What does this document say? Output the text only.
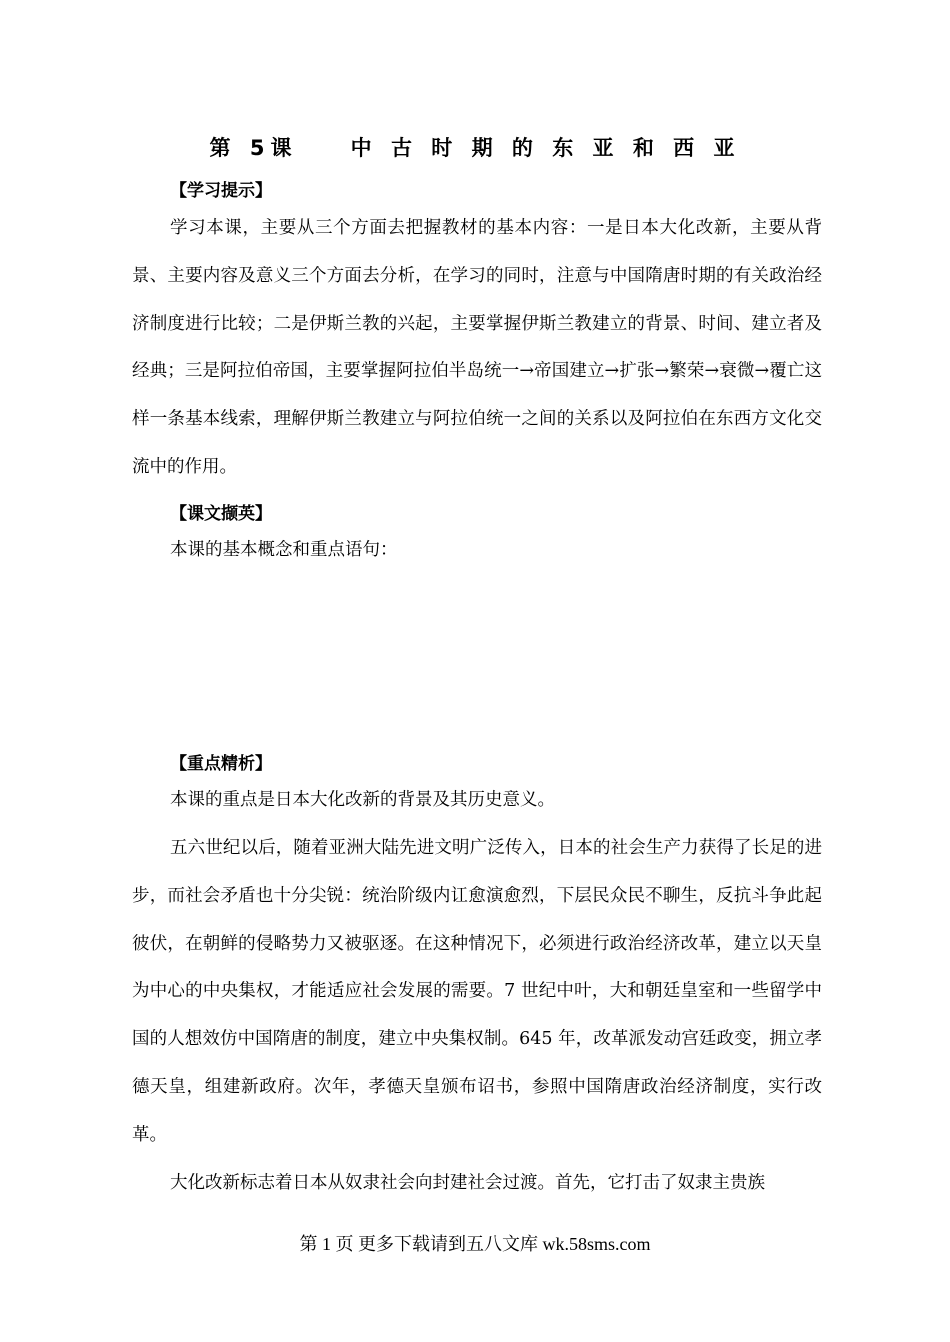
第 5课    中 古 时 期 的 东 亚 和 西 亚
【学习提示】

学习本课，主要从三个方面去把握教材的基本内容：一是日本大化改新，主要从背景、主要内容及意义三个方面去分析，在学习的同时，注意与中国隋唐时期的有关政治经济制度进行比较；二是伊斯兰教的兴起，主要掌握伊斯兰教建立的背景、时间、建立者及经典；三是阿拉伯帝国，主要掌握阿拉伯半岛统一→帝国建立→扩张→繁荣→衰微→覆亡这样一条基本线索，理解伊斯兰教建立与阿拉伯统一之间的关系以及阿拉伯在东西方文化交流中的作用。

【课文撷英】

本课的基本概念和重点语句：

【重点精析】

本课的重点是日本大化改新的背景及其历史意义。

五六世纪以后，随着亚洲大陆先进文明广泛传入，日本的社会生产力获得了长足的进步，而社会矛盾也十分尖锐：统治阶级内讧愈演愈烈，下层民众民不聊生，反抗斗争此起彼伏，在朝鲜的侵略势力又被驱逐。在这种情况下，必须进行政治经济改革，建立以天皇为中心的中央集权，才能适应社会发展的需要。7 世纪中叶，大和朝廷皇室和一些留学中国的人想效仿中国隋唐的制度，建立中央集权制。645 年，改革派发动宫廷政变，拥立孝德天皇，组建新政府。次年，孝德天皇颁布诏书，参照中国隋唐政治经济制度，实行改革。

大化改新标志着日本从奴隶社会向封建社会过渡。首先，它打击了奴隶主贵族

第 1 页 更多下载请到五八文库 wk.58sms.com
